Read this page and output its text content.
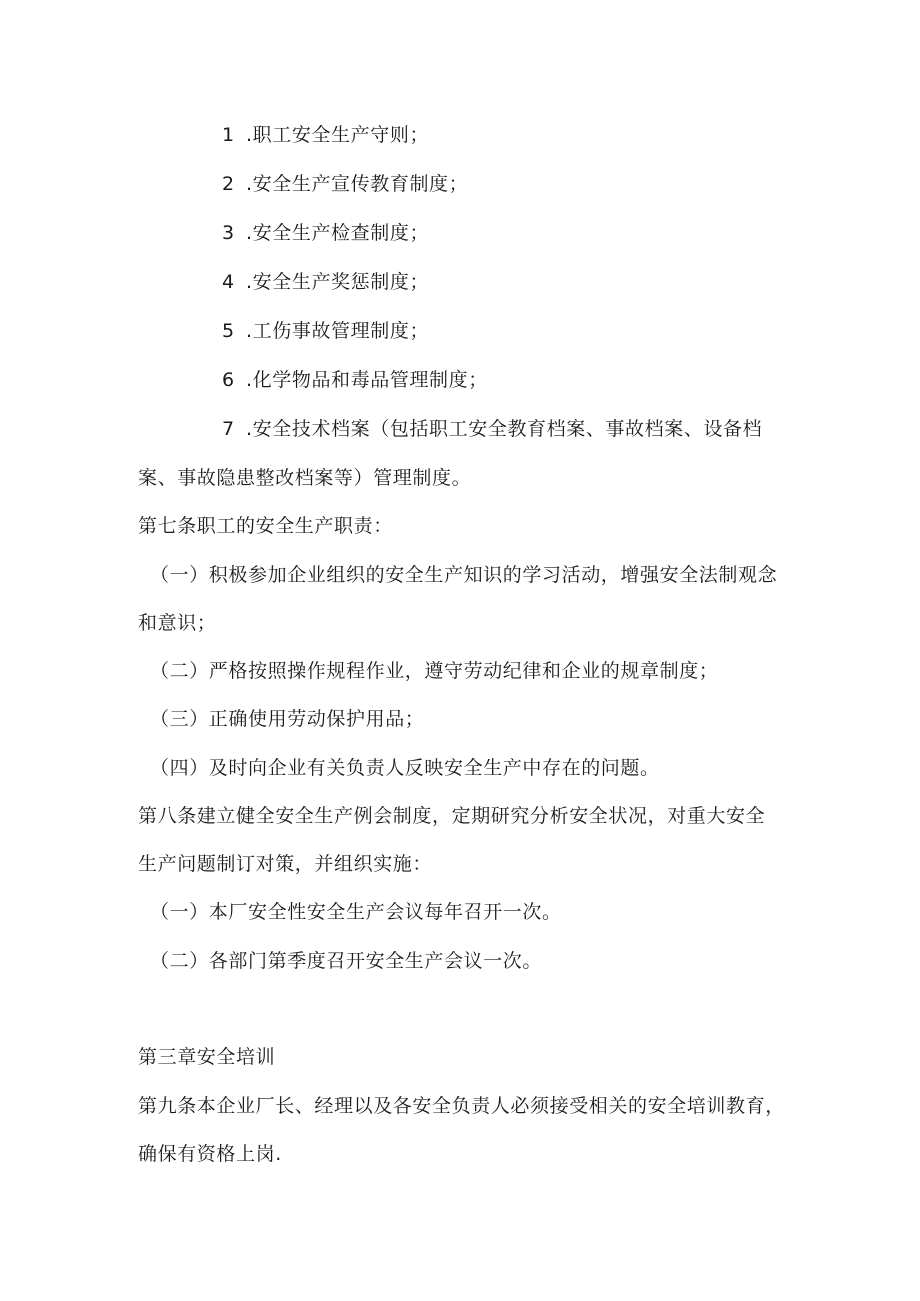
1 .职工安全生产守则；
2 .安全生产宣传教育制度；
3 .安全生产检查制度；
4 .安全生产奖惩制度；
5 .工伤事故管理制度；
6 .化学物品和毒品管理制度；
7 .安全技术档案（包括职工安全教育档案、事故档案、设备档
案、事故隐患整改档案等）管理制度。
第七条职工的安全生产职责：
（一）积极参加企业组织的安全生产知识的学习活动，增强安全法制观念
和意识；
（二）严格按照操作规程作业，遵守劳动纪律和企业的规章制度；
（三）正确使用劳动保护用品；
（四）及时向企业有关负责人反映安全生产中存在的问题。
第八条建立健全安全生产例会制度，定期研究分析安全状况，对重大安全
生产问题制订对策，并组织实施：
（一）本厂安全性安全生产会议每年召开一次。
（二）各部门第季度召开安全生产会议一次。
第三章安全培训
第九条本企业厂长、经理以及各安全负责人必须接受相关的安全培训教育，
确保有资格上岗.
